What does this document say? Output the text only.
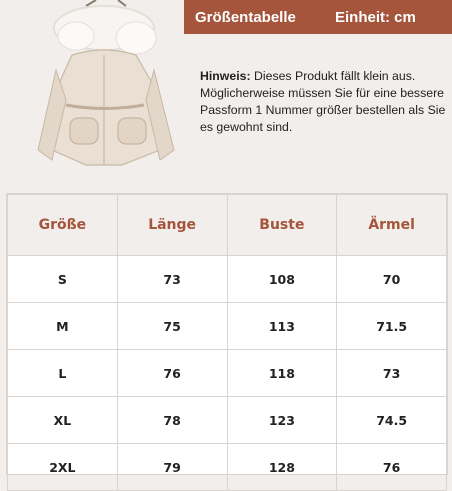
Größentabelle	Einheit: cm
Hinweis: Dieses Produkt fällt klein aus. Möglicherweise müssen Sie für eine bessere Passform 1 Nummer größer bestellen als Sie es gewohnt sind.
Größe	Länge	Buste	Ärmel
S	73	108	70
M	75	113	71.5
L	76	118	73
XL	78	123	74.5
2XL	79	128	76
